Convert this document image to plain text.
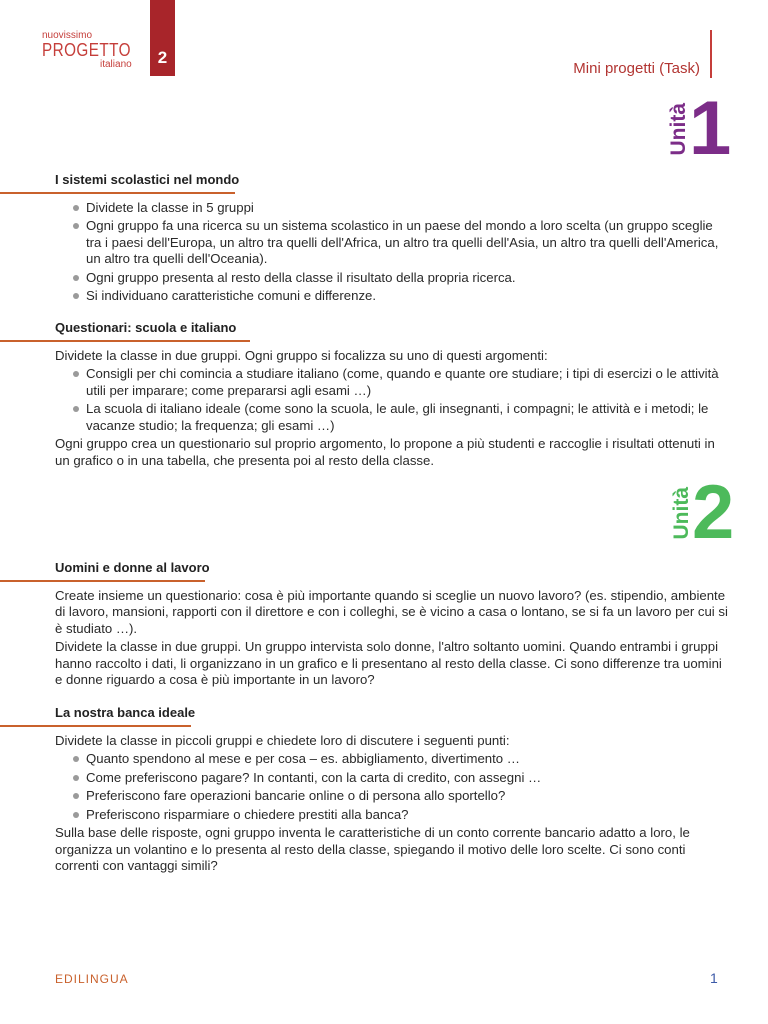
nuovissimo
PROGETTO
italiano	2
Mini progetti (Task)
Unità 1
I sistemi scolastici nel mondo
Dividete la classe in 5 gruppi
Ogni gruppo fa una ricerca su un sistema scolastico in un paese del mondo a loro scelta (un gruppo sceglie tra i paesi dell'Europa, un altro tra quelli dell'Africa, un altro tra quelli dell'Asia, un altro tra quelli dell'America, un altro tra quelli dell'Oceania).
Ogni gruppo presenta al resto della classe il risultato della propria ricerca.
Si individuano caratteristiche comuni e differenze.
Questionari: scuola e italiano

Dividete la classe in due gruppi. Ogni gruppo si focalizza su uno di questi argomenti:

Consigli per chi comincia a studiare italiano (come, quando e quante ore studiare; i tipi di esercizi o le attività utili per imparare; come prepararsi agli esami …)
La scuola di italiano ideale (come sono la scuola, le aule, gli insegnanti, i compagni; le attività e i metodi; le vacanze studio; la frequenza; gli esami …)

Ogni gruppo crea un questionario sul proprio argomento, lo propone a più studenti e raccoglie i risultati ottenuti in un grafico o in una tabella, che presenta poi al resto della classe.

Unità 2
Uomini e donne al lavoro

Create insieme un questionario: cosa è più importante quando si sceglie un nuovo lavoro? (es. stipendio, ambiente di lavoro, mansioni, rapporti con il direttore e con i colleghi, se è vicino a casa o lontano, se si fa un lavoro per cui si è studiato …).

Dividete la classe in due gruppi. Un gruppo intervista solo donne, l'altro soltanto uomini. Quando entrambi i gruppi hanno raccolto i dati, li organizzano in un grafico e li presentano al resto della classe. Ci sono differenze tra uomini e donne riguardo a cosa è più importante in un lavoro?

La nostra banca ideale

Dividete la classe in piccoli gruppi e chiedete loro di discutere i seguenti punti:

Quanto spendono al mese e per cosa – es. abbigliamento, divertimento …
Come preferiscono pagare? In contanti, con la carta di credito, con assegni …
Preferiscono fare operazioni bancarie online o di persona allo sportello?
Preferiscono risparmiare o chiedere prestiti alla banca?

Sulla base delle risposte, ogni gruppo inventa le caratteristiche di un conto corrente bancario adatto a loro, le organizza un volantino e lo presenta al resto della classe, spiegando il motivo delle loro scelte. Ci sono conti correnti con vantaggi simili?

EDILINGUA	1
